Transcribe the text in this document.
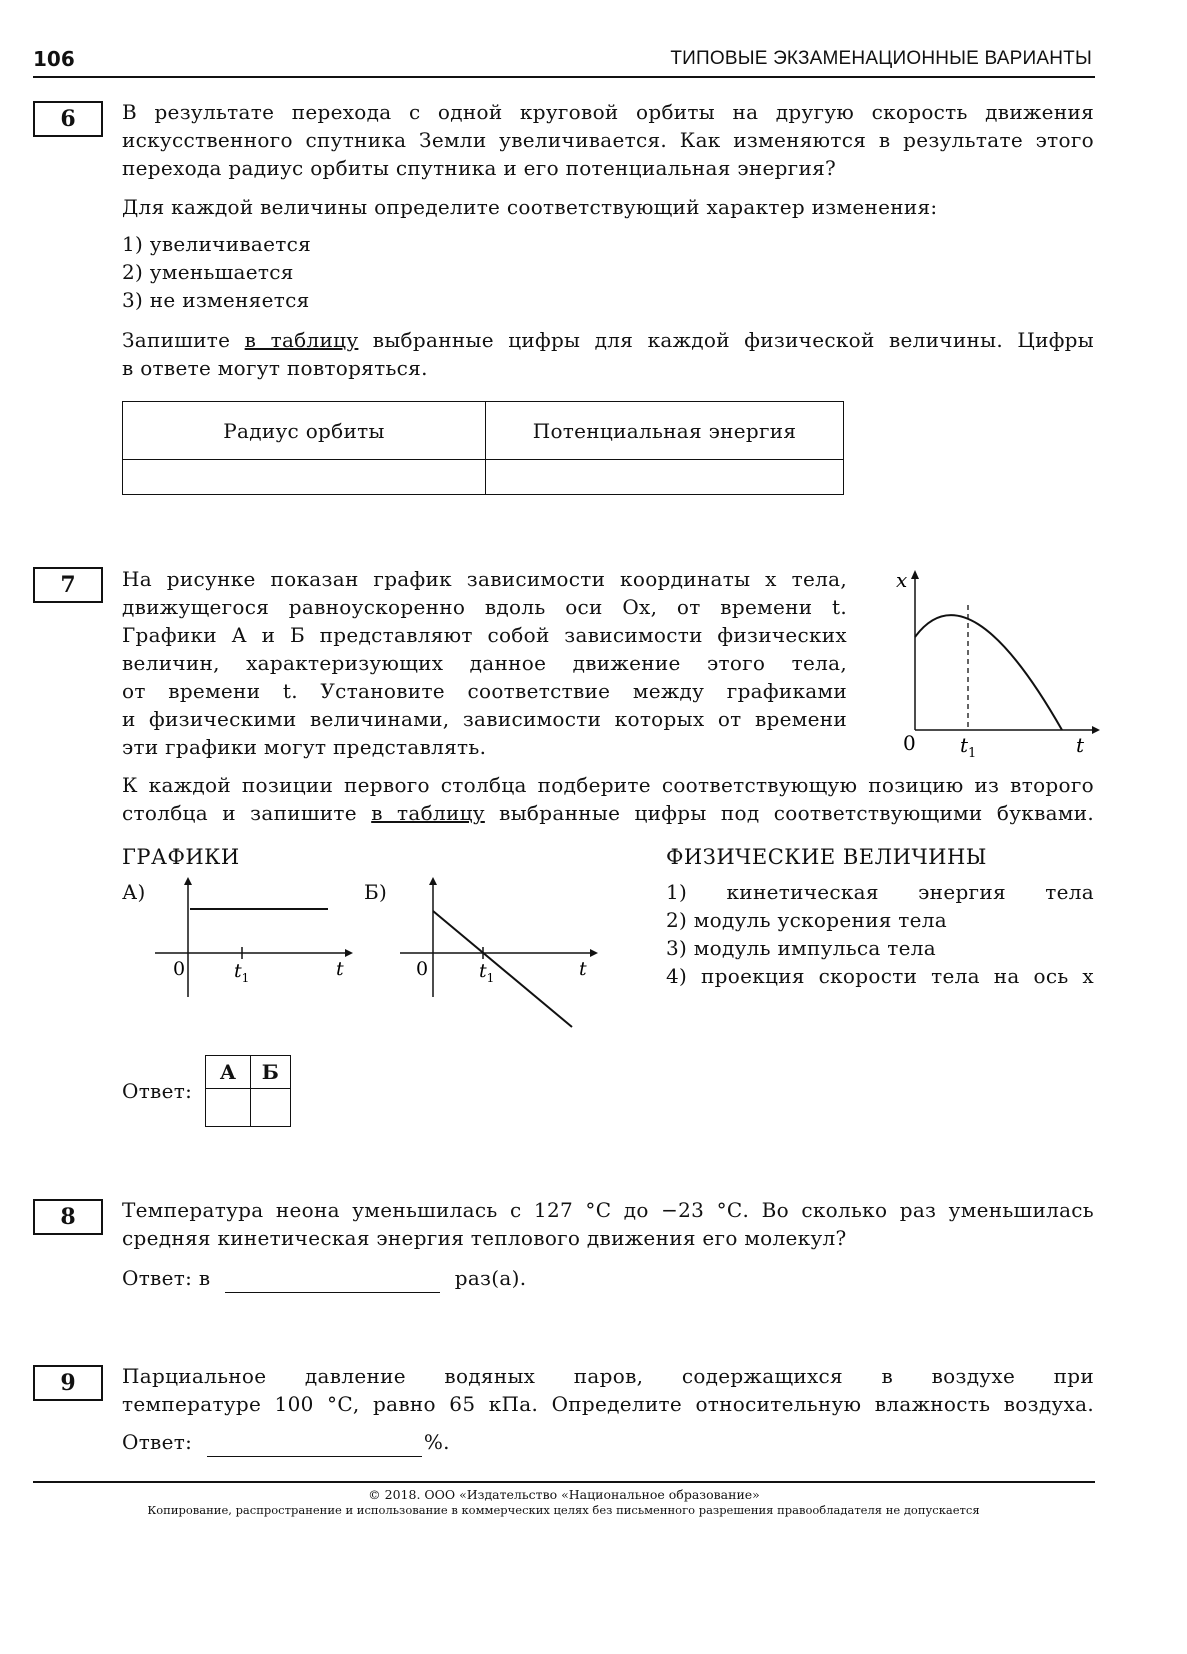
106	ТИПОВЫЕ ЭКЗАМЕНАЦИОННЫЕ ВАРИАНТЫ
6	В результате перехода с одной круговой орбиты на другую скорость движения

искусственного спутника Земли увеличивается. Как изменяются в результате этого

перехода радиус орбиты спутника и его потенциальная энергия?

Для каждой величины определите соответствующий характер изменения:

1) увеличивается

2) уменьшается

3) не изменяется

Запишите в таблицу выбранные цифры для каждой физической величины. Цифры

в ответе могут повторяться.

Радиус орбиты	Потенциальная энергия

7	На рисунке показан график зависимости координаты x тела,

движущегося равноускоренно вдоль оси Ox, от времени t.

Графики А и Б представляют собой зависимости физических

величин, характеризующих данное движение этого тела,

от времени t. Установите соответствие между графиками

и физическими величинами, зависимости которых от времени

эти графики могут представлять.

x
0 $t_1$	t

К каждой позиции первого столбца подберите соответствующую позицию из второго

столбца и запишите в таблицу выбранные цифры под соответствующими буквами.

ГРАФИКИ	ФИЗИЧЕСКИЕ ВЕЛИЧИНЫ
А)
0	$t_1$	t
Б)
0	$t_1$	t

1) кинетическая энергия тела

2) модуль ускорения тела

3) модуль импульса тела

4) проекция скорости тела на ось x

Ответ:
А	Б

8	Температура неона уменьшилась с 127 °С до −23 °С. Во сколько раз уменьшилась

средняя кинетическая энергия теплового движения его молекул?

Ответ: в	раз(а).
9	Парциальное давление водяных паров, содержащихся в воздухе при

температуре 100 °С, равно 65 кПа. Определите относительную влажность воздуха.

Ответ:	%.
© 2018. ООО «Издательство «Национальное образование»
Копирование, распространение и использование в коммерческих целях без письменного разрешения правообладателя не допускается
